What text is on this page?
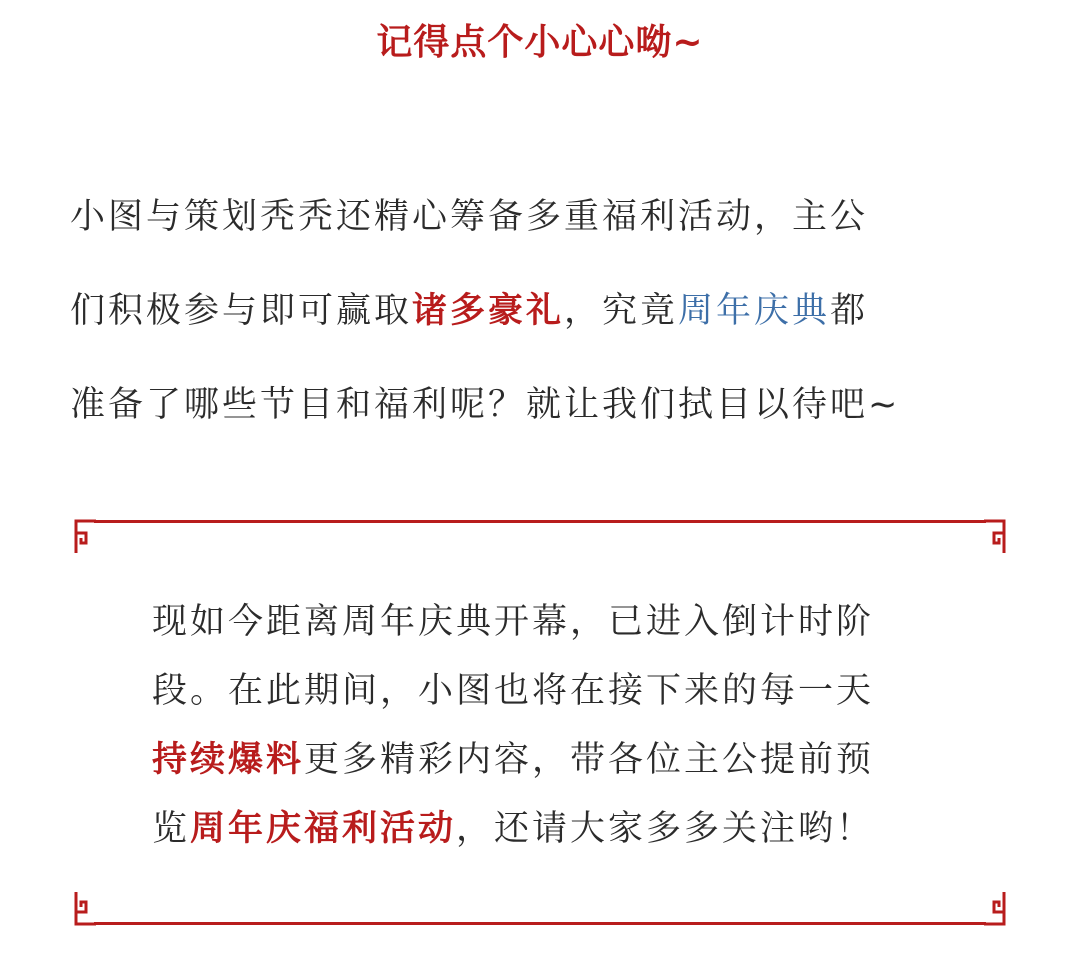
记得点个小心心呦~

小图与策划秃秃还精心筹备多重福利活动，主公

们积极参与即可赢取诸多豪礼，究竟周年庆典都

准备了哪些节目和福利呢？就让我们拭目以待吧~

现如今距离周年庆典开幕，已进入倒计时阶

段。在此期间，小图也将在接下来的每一天

持续爆料更多精彩内容，带各位主公提前预

览周年庆福利活动，还请大家多多关注哟！
